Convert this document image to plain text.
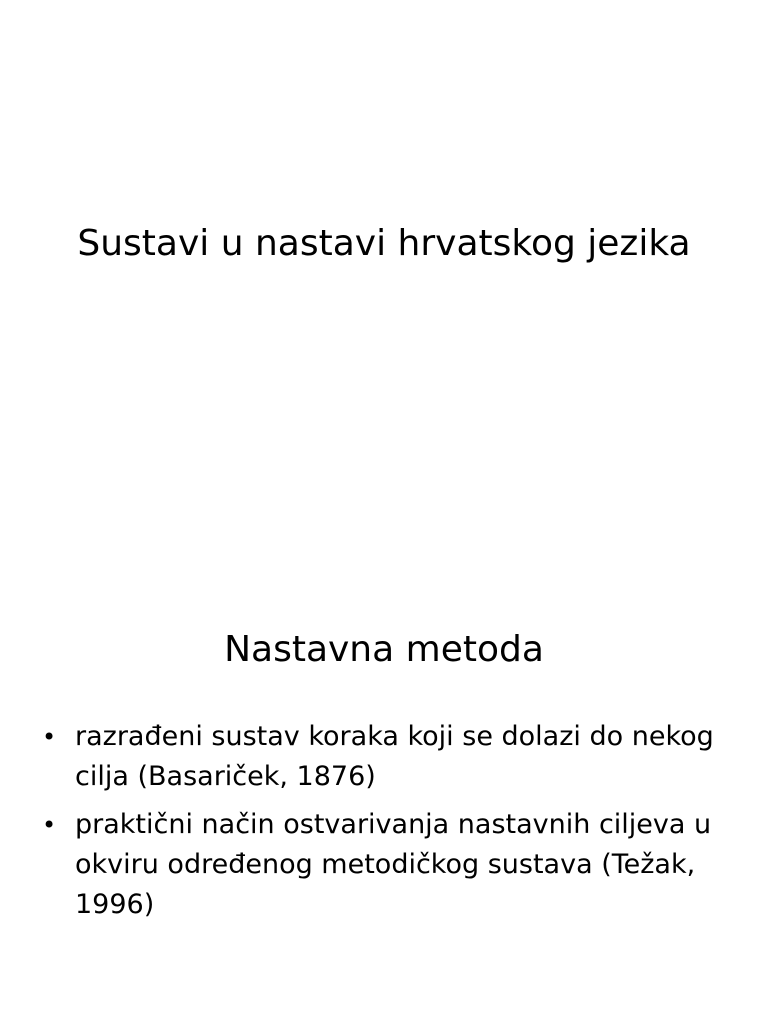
Sustavi u nastavi hrvatskog jezika
Nastavna metoda
• razrađeni sustav koraka koji se dolazi do nekog cilja (Basariček, 1876)
• praktični način ostvarivanja nastavnih ciljeva u okviru određenog metodičkog sustava (Težak, 1996)
